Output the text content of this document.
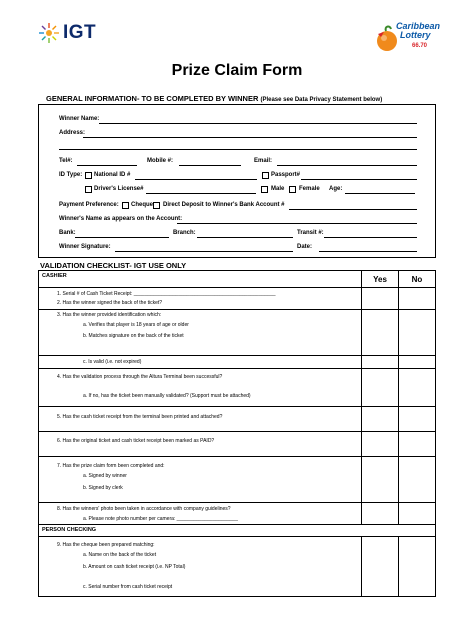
IGT	Caribbean
Lottery
66.70
Prize Claim Form
GENERAL INFORMATION- TO BE COMPLETED BY WINNER (Please see Data Privacy Statement below)
Winner Name:
Address:
Tel#:	Mobile #:	Email:
ID Type: National ID #	Passport#
Driver's License#	Male Female Age:
Payment Preference: Cheque Direct Deposit to Winner's Bank Account #
Winner's Name as appears on the Account:
Bank:	Branch:	Transit #:
Winner Signature:	Date:
VALIDATION CHECKLIST- IGT USE ONLY
CASHIER	Yes	No

1. Serial # of Cash Ticket Receipt: ___________________________________________________
2. Has the winner signed the back of the ticket?		

3. Has the winner provided identification which:
a. Verifies that player is 18 years of age or older
b. Matches signature on the back of the ticket		

c. Is valid (i.e. not expired)		

4. Has the validation process through the Altura Terminal been successful?
a. If no, has the ticket been manually validated? (Support must be attached)		

5. Has the cash ticket receipt from the terminal been printed and attached?		

6. Has the original ticket and cash ticket receipt been marked as PAID?		

7. Has the prize claim form been completed and:
a. Signed by winner
b. Signed by clerk		

8. Has the winners' photo been taken in accordance with company guidelines?
a. Please note photo number per camera: ______________________		

PERSON CHECKING		

9. Has the cheque been prepared matching:
a. Name on the back of the ticket
b. Amount on cash ticket receipt (i.e. NP Total)
c. Serial number from cash ticket receipt		
